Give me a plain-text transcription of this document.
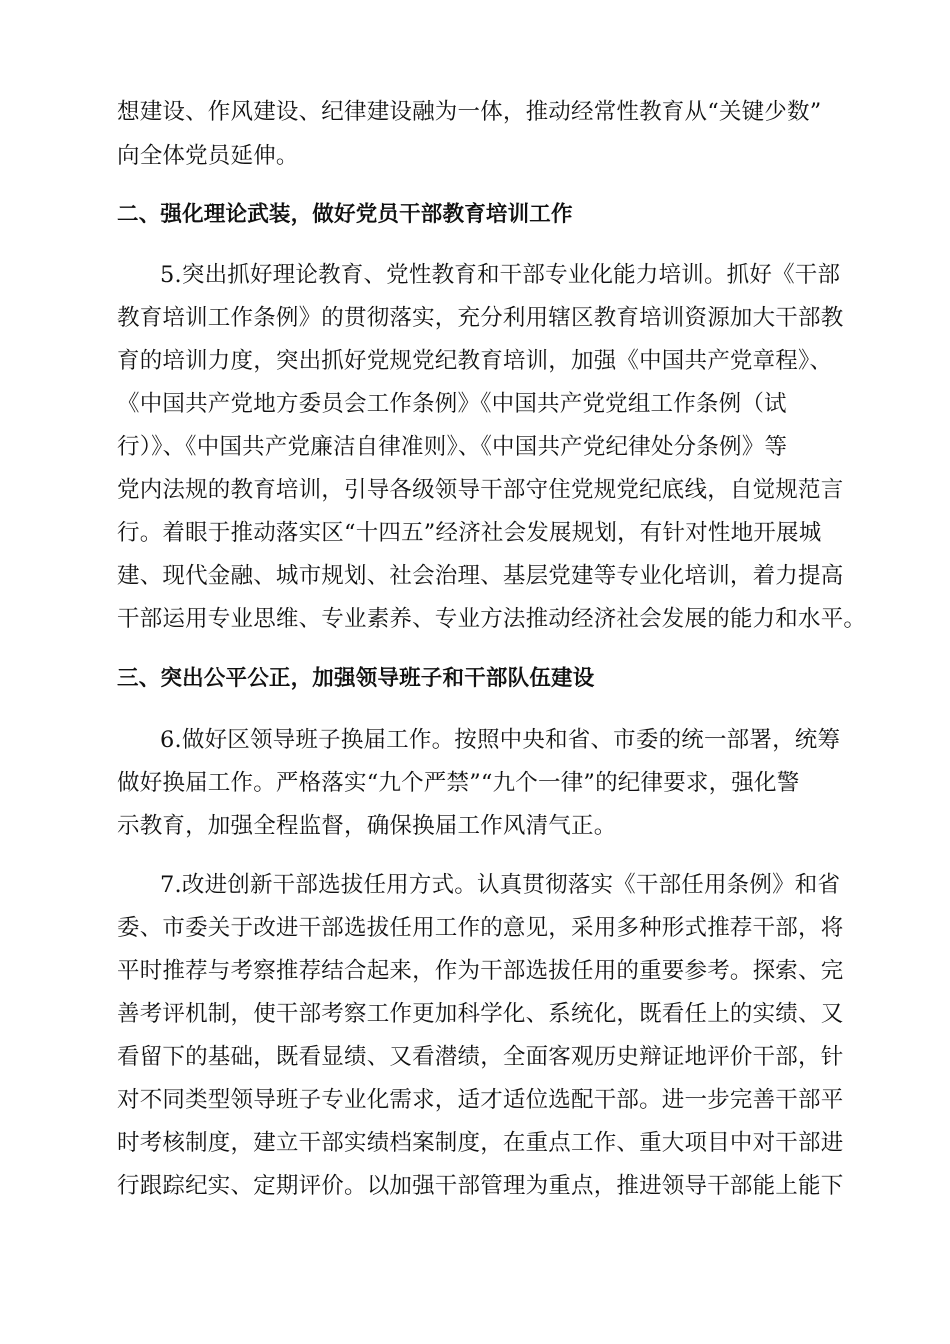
想建设、作风建设、纪律建设融为一体，推动经常性教育从“关键少数”
向全体党员延伸。
二、强化理论武装，做好党员干部教育培训工作
5.突出抓好理论教育、党性教育和干部专业化能力培训。抓好《干部
教育培训工作条例》的贯彻落实，充分利用辖区教育培训资源加大干部教
育的培训力度，突出抓好党规党纪教育培训，加强《中国共产党章程》、
《中国共产党地方委员会工作条例》《中国共产党党组工作条例（试
行）》、《中国共产党廉洁自律准则》、《中国共产党纪律处分条例》等
党内法规的教育培训，引导各级领导干部守住党规党纪底线，自觉规范言
行。着眼于推动落实区“十四五”经济社会发展规划，有针对性地开展城
建、现代金融、城市规划、社会治理、基层党建等专业化培训，着力提高
干部运用专业思维、专业素养、专业方法推动经济社会发展的能力和水平。
三、突出公平公正，加强领导班子和干部队伍建设
6.做好区领导班子换届工作。按照中央和省、市委的统一部署，统筹
做好换届工作。严格落实“九个严禁”“九个一律”的纪律要求，强化警
示教育，加强全程监督，确保换届工作风清气正。
7.改进创新干部选拔任用方式。认真贯彻落实《干部任用条例》和省
委、市委关于改进干部选拔任用工作的意见，采用多种形式推荐干部，将
平时推荐与考察推荐结合起来，作为干部选拔任用的重要参考。探索、完
善考评机制，使干部考察工作更加科学化、系统化，既看任上的实绩、又
看留下的基础，既看显绩、又看潜绩，全面客观历史辩证地评价干部，针
对不同类型领导班子专业化需求，适才适位选配干部。进一步完善干部平
时考核制度，建立干部实绩档案制度，在重点工作、重大项目中对干部进
行跟踪纪实、定期评价。以加强干部管理为重点，推进领导干部能上能下
